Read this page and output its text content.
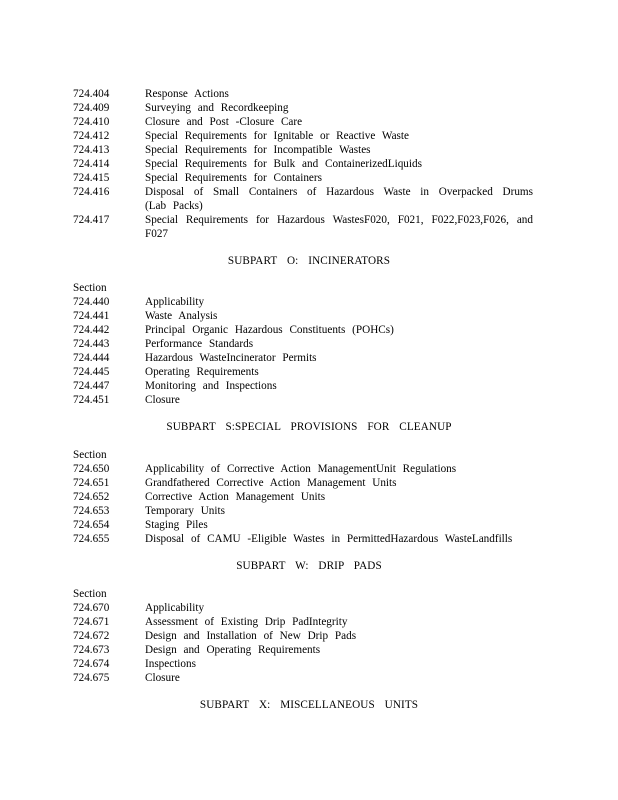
724.404	Response Actions
724.409	Surveying and Recordkeeping
724.410	Closure and Post -Closure Care
724.412	Special Requirements for Ignitable or Reactive Waste
724.413	Special Requirements for Incompatible Wastes
724.414	Special Requirements for Bulk and ContainerizedLiquids
724.415	Special Requirements for Containers
724.416	Disposal of Small Containers of Hazardous Waste in Overpacked Drums (Lab Packs)
724.417	Special Requirements for Hazardous WastesF020, F021, F022,F023,F026, and F027
SUBPART O: INCINERATORS
Section
724.440	Applicability
724.441	Waste Analysis
724.442	Principal Organic Hazardous Constituents (POHCs)
724.443	Performance Standards
724.444	Hazardous WasteIncinerator Permits
724.445	Operating Requirements
724.447	Monitoring and Inspections
724.451	Closure
SUBPART S:SPECIAL PROVISIONS FOR CLEANUP
Section
724.650	Applicability of Corrective Action ManagementUnit Regulations
724.651	Grandfathered Corrective Action Management Units
724.652	Corrective Action Management Units
724.653	Temporary Units
724.654	Staging Piles
724.655	Disposal of CAMU -Eligible Wastes in PermittedHazardous WasteLandfills
SUBPART W: DRIP PADS
Section
724.670	Applicability
724.671	Assessment of Existing Drip PadIntegrity
724.672	Design and Installation of New Drip Pads
724.673	Design and Operating Requirements
724.674	Inspections
724.675	Closure
SUBPART X: MISCELLANEOUS UNITS
